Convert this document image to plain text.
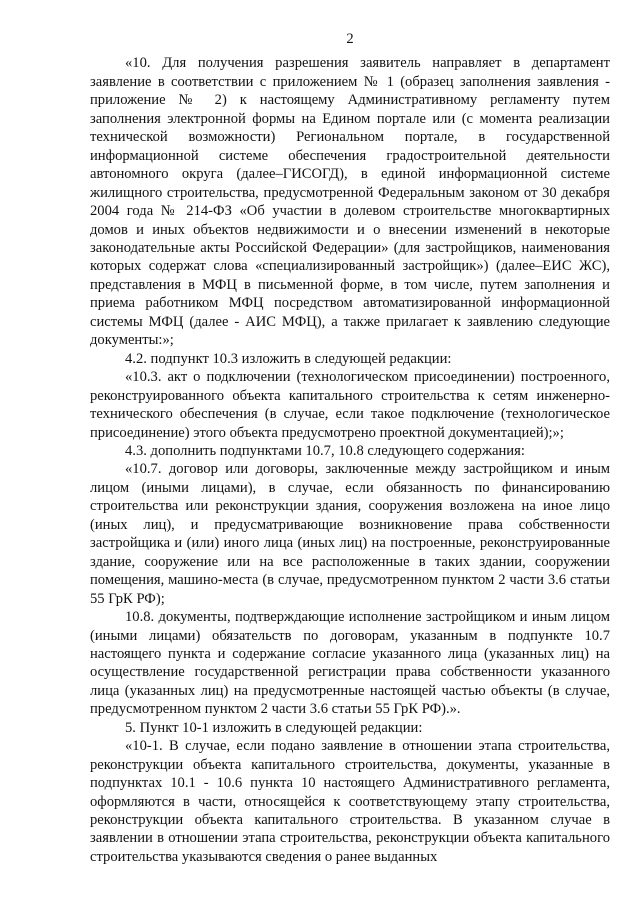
2

«10. Для получения разрешения заявитель направляет в департамент заявление в соответствии с приложением № 1 (образец заполнения заявления - приложение № 2) к настоящему Административному регламенту путем заполнения электронной формы на Едином портале или (с момента реализации технической возможности) Региональном портале, в государственной информационной системе обеспечения градостроительной деятельности автономного округа (далее–ГИСОГД), в единой информационной системе жилищного строительства, предусмотренной Федеральным законом от 30 декабря 2004 года № 214-ФЗ «Об участии в долевом строительстве многоквартирных домов и иных объектов недвижимости и о внесении изменений в некоторые законодательные акты Российской Федерации» (для застройщиков, наименования которых содержат слова «специализированный застройщик») (далее–ЕИС ЖС), представления в МФЦ в письменной форме, в том числе, путем заполнения и приема работником МФЦ посредством автоматизированной информационной системы МФЦ (далее - АИС МФЦ), а также прилагает к заявлению следующие документы:»;

4.2. подпункт 10.3 изложить в следующей редакции:

«10.3. акт о подключении (технологическом присоединении) построенного, реконструированного объекта капитального строительства к сетям инженерно-технического обеспечения (в случае, если такое подключение (технологическое присоединение) этого объекта предусмотрено проектной документацией);»;

4.3. дополнить подпунктами 10.7, 10.8 следующего содержания:

«10.7. договор или договоры, заключенные между застройщиком и иным лицом (иными лицами), в случае, если обязанность по финансированию строительства или реконструкции здания, сооружения возложена на иное лицо (иных лиц), и предусматривающие возникновение права собственности застройщика и (или) иного лица (иных лиц) на построенные, реконструированные здание, сооружение или на все расположенные в таких здании, сооружении помещения, машино-места (в случае, предусмотренном пунктом 2 части 3.6 статьи 55 ГрК РФ);

10.8. документы, подтверждающие исполнение застройщиком и иным лицом (иными лицами) обязательств по договорам, указанным в подпункте 10.7 настоящего пункта и содержание согласие указанного лица (указанных лиц) на осуществление государственной регистрации права собственности указанного лица (указанных лиц) на предусмотренные настоящей частью объекты (в случае, предусмотренном пунктом 2 части 3.6 статьи 55 ГрК РФ).».

5. Пункт 10-1 изложить в следующей редакции:

«10-1. В случае, если подано заявление в отношении этапа строительства, реконструкции объекта капитального строительства, документы, указанные в подпунктах 10.1 - 10.6 пункта 10 настоящего Административного регламента, оформляются в части, относящейся к соответствующему этапу строительства, реконструкции объекта капитального строительства. В указанном случае в заявлении в отношении этапа строительства, реконструкции объекта капитального строительства указываются сведения о ранее выданных
